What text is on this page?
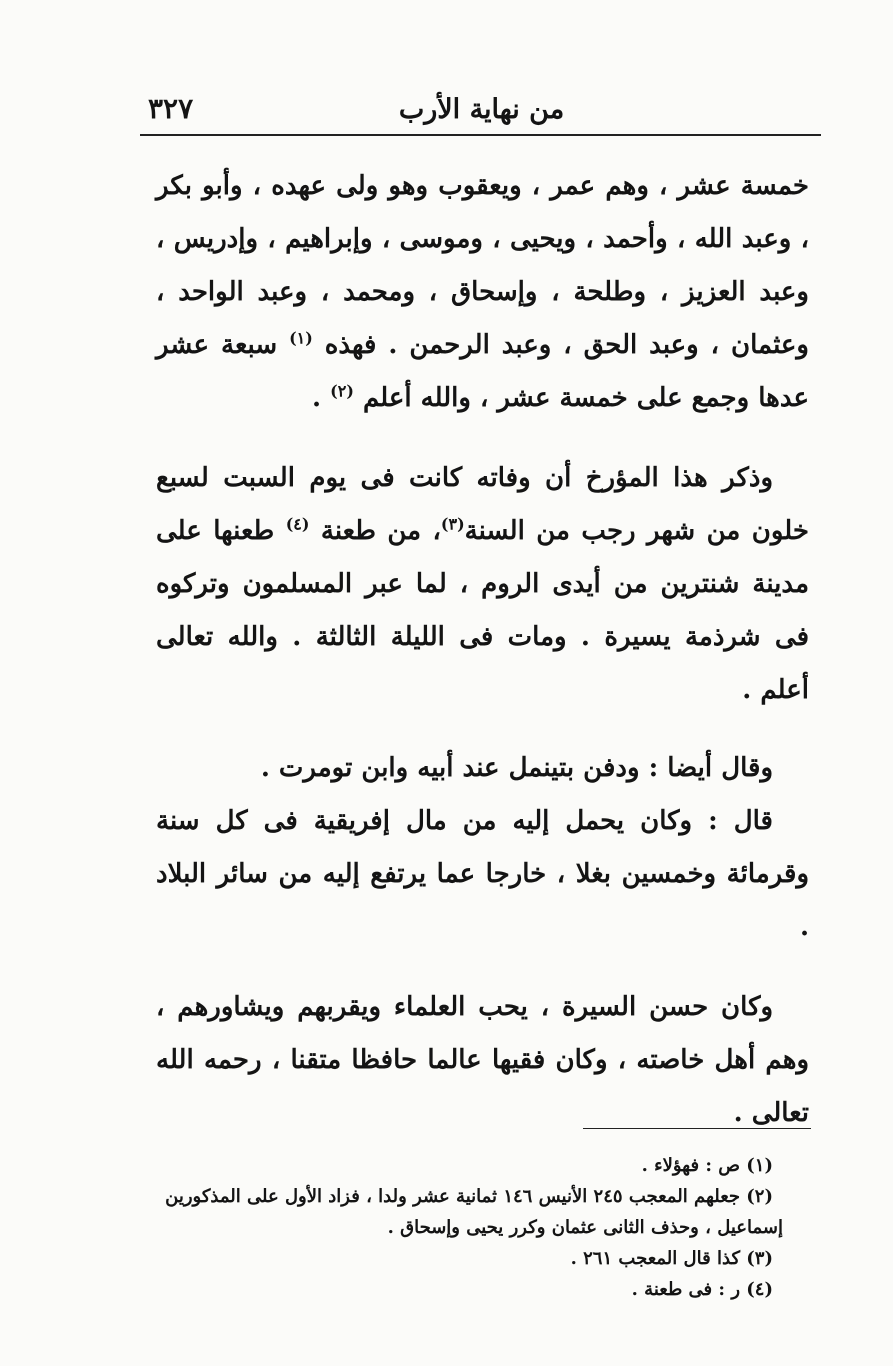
من نهاية الأرب
٣٢٧

خمسة عشر ، وهم عمر ، ويعقوب وهو ولى عهده ، وأبو بكر ، وعبد الله ، وأحمد ، ويحيى ، وموسى ، وإبراهيم ، وإدريس ، وعبد العزيز ، وطلحة ، وإسحاق ، ومحمد ، وعبد الواحد ، وعثمان ، وعبد الحق ، وعبد الرحمن . فهذه $^{(١)}$ سبعة عشر عدها وجمع على خمسة عشر ، والله أعلم $^{(٢)}$ .

وذكر هذا المؤرخ أن وفاته كانت فى يوم السبت لسبع خلون من شهر رجب من السنة$^{(٣)}$، من طعنة $^{(٤)}$ طعنها على مدينة شنترين من أيدى الروم ، لما عبر المسلمون وتركوه فى شرذمة يسيرة . ومات فى الليلة الثالثة . والله تعالى أعلم .

وقال أيضا : ودفن بتينمل عند أبيه وابن تومرت .

قال : وكان يحمل إليه من مال إفريقية فى كل سنة وقرمائة وخمسين بغلا ، خارجا عما يرتفع إليه من سائر البلاد .

وكان حسن السيرة ، يحب العلماء ويقربهم ويشاورهم ، وهم أهل خاصته ، وكان فقيها عالما حافظا متقنا ، رحمه الله تعالى .

(١) ص : فهؤلاء .

(٢) جعلهم المعجب ٢٤٥ الأنيس ١٤٦ ثمانية عشر ولدا ، فزاد الأول على المذكورين

إسماعيل ، وحذف الثانى عثمان وكرر يحيى وإسحاق .

(٣) كذا قال المعجب ٢٦١ .

(٤) ر : فى طعنة .
